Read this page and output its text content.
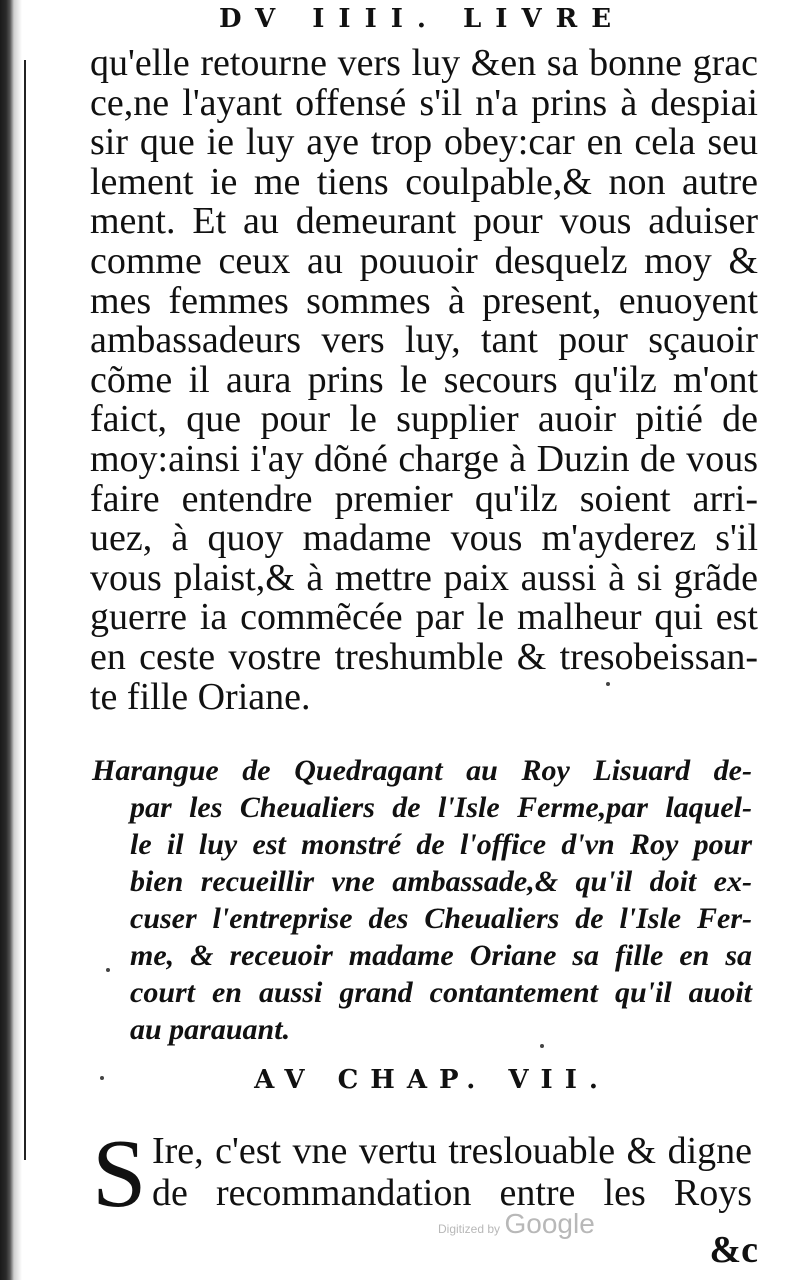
DV IIII. LIVRE
qu'elle retourne vers luy &en sa bonne grac
ce,ne l'ayant offensé s'il n'a prins à despiai
sir que ie luy aye trop obey:car en cela seu
lement ie me tiens coulpable,& non autre
ment. Et au demeurant pour vous aduiser
comme ceux au pouuoir desquelz moy &
mes femmes sommes à present, enuoyent
ambassadeurs vers luy, tant pour sçauoir
cõme il aura prins le secours qu'ilz m'ont
faict, que pour le supplier auoir pitié de
moy:ainsi i'ay dõné charge à Duzin de vous
faire entendre premier qu'ilz soient arri-
uez, à quoy madame vous m'ayderez s'il
vous plaist,& à mettre paix aussi à si grãde
guerre ia commẽcée par le malheur qui est
en ceste vostre treshumble & tresobeissan-
te fille Oriane.
Harangue de Quedragant au Roy Lisuard de-
par les Cheualiers de l'Isle Ferme,par laquel-
le il luy est monstré de l'office d'vn Roy pour
bien recueillir vne ambassade,& qu'il doit ex-
cuser l'entreprise des Cheualiers de l'Isle Fer-
me, & receuoir madame Oriane sa fille en sa
court en aussi grand contantement qu'il auoit
au parauant.
AV CHAP. VII.
S Ire, c'est vne vertu treslouable & digne
de recommandation entre les Roys
&c
Digitized by Google
